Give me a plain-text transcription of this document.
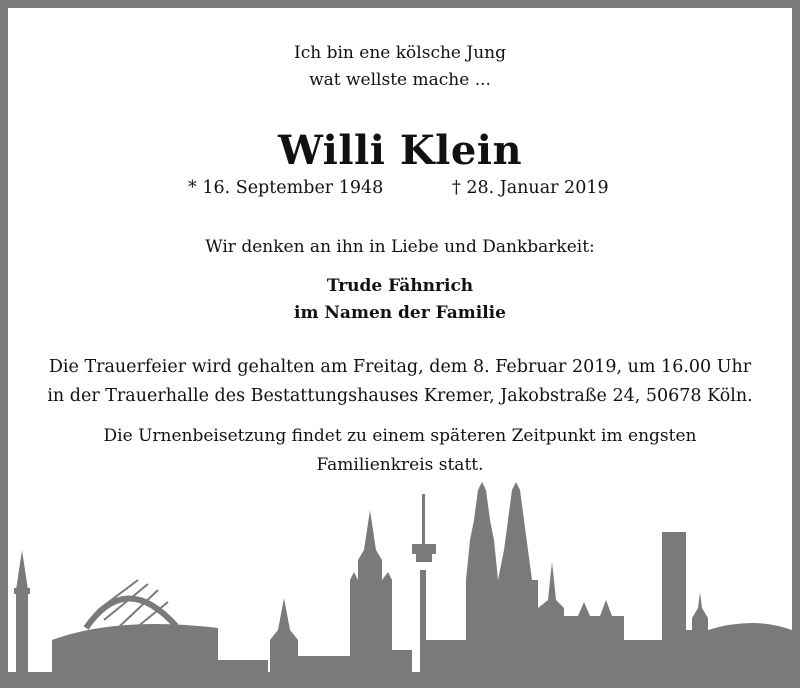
Ich bin ene kölsche Jung
wat wellste mache ...
Willi Klein
* 16. September 1948	† 28. Januar 2019
Wir denken an ihn in Liebe und Dankbarkeit:
Trude Fähnrich
im Namen der Familie
Die Trauerfeier wird gehalten am Freitag, dem 8. Februar 2019, um 16.00 Uhr
in der Trauerhalle des Bestattungshauses Kremer, Jakobstraße 24, 50678 Köln.
Die Urnenbeisetzung findet zu einem späteren Zeitpunkt im engsten
Familienkreis statt.
